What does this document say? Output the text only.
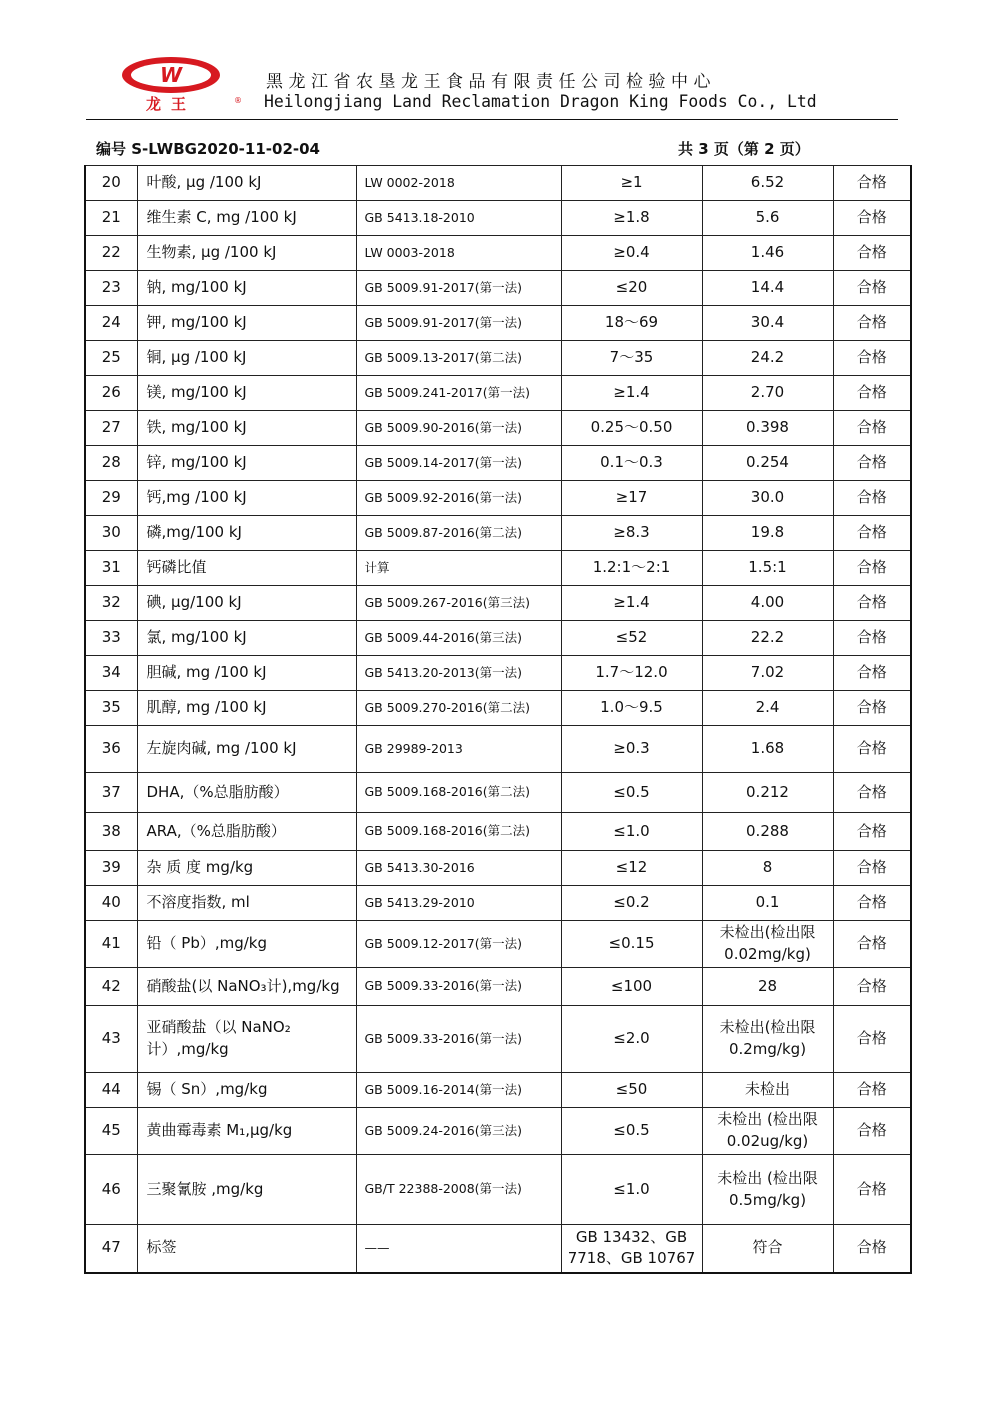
W
龙王	®
黑龙江省农垦龙王食品有限责任公司检验中心
Heilongjiang Land Reclamation Dragon King Foods Co., Ltd
编号 S-LWBG2020-11-02-04	共 3 页（第 2 页）
20	叶酸, μg /100 kJ	LW 0002-2018	≥1	6.52	合格
21	维生素 C, mg /100 kJ	GB 5413.18-2010	≥1.8	5.6	合格
22	生物素, μg /100 kJ	LW 0003-2018	≥0.4	1.46	合格
23	钠, mg/100 kJ	GB 5009.91-2017(第一法)	≤20	14.4	合格
24	钾, mg/100 kJ	GB 5009.91-2017(第一法)	18～69	30.4	合格
25	铜, μg /100 kJ	GB 5009.13-2017(第二法)	7～35	24.2	合格
26	镁, mg/100 kJ	GB 5009.241-2017(第一法)	≥1.4	2.70	合格
27	铁, mg/100 kJ	GB 5009.90-2016(第一法)	0.25～0.50	0.398	合格
28	锌, mg/100 kJ	GB 5009.14-2017(第一法)	0.1～0.3	0.254	合格
29	钙,mg /100 kJ	GB 5009.92-2016(第一法)	≥17	30.0	合格
30	磷,mg/100 kJ	GB 5009.87-2016(第二法)	≥8.3	19.8	合格
31	钙磷比值	计算	1.2:1～2:1	1.5:1	合格
32	碘, μg/100 kJ	GB 5009.267-2016(第三法)	≥1.4	4.00	合格
33	氯, mg/100 kJ	GB 5009.44-2016(第三法)	≤52	22.2	合格
34	胆碱, mg /100 kJ	GB 5413.20-2013(第一法)	1.7～12.0	7.02	合格
35	肌醇, mg /100 kJ	GB 5009.270-2016(第二法)	1.0～9.5	2.4	合格
36	左旋肉碱, mg /100 kJ	GB 29989-2013	≥0.3	1.68	合格
37	DHA,（%总脂肪酸）	GB 5009.168-2016(第二法)	≤0.5	0.212	合格
38	ARA,（%总脂肪酸）	GB 5009.168-2016(第二法)	≤1.0	0.288	合格
39	杂 质 度 mg/kg	GB 5413.30-2016	≤12	8	合格
40	不溶度指数, ml	GB 5413.29-2010	≤0.2	0.1	合格
41	铅（ Pb）,mg/kg	GB 5009.12-2017(第一法)	≤0.15	未检出(检出限 0.02mg/kg)	合格
42	硝酸盐(以 NaNO₃计),mg/kg	GB 5009.33-2016(第一法)	≤100	28	合格
43	亚硝酸盐（以 NaNO₂ 计）,mg/kg	GB 5009.33-2016(第一法)	≤2.0	未检出(检出限 0.2mg/kg)	合格
44	锡（ Sn）,mg/kg	GB 5009.16-2014(第一法)	≤50	未检出	合格
45	黄曲霉毒素 M₁,μg/kg	GB 5009.24-2016(第三法)	≤0.5	未检出 (检出限 0.02ug/kg)	合格
46	三聚氰胺 ,mg/kg	GB/T 22388-2008(第一法)	≤1.0	未检出 (检出限 0.5mg/kg)	合格
47	标签	——	GB 13432、GB 7718、GB 10767	符合	合格
